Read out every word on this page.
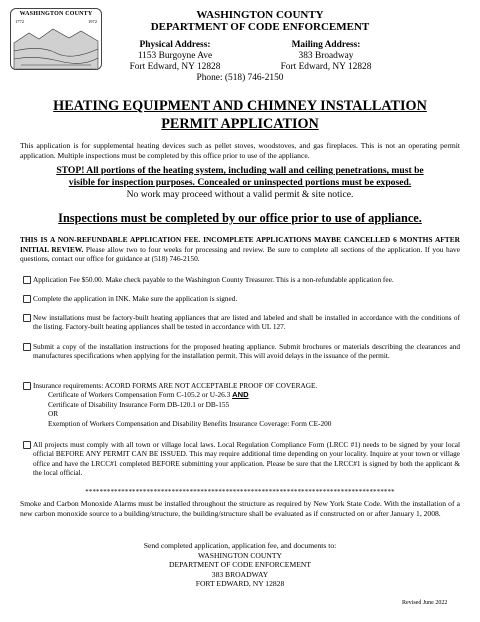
WASHINGTON COUNTY
1772	1972
WASHINGTON COUNTY
DEPARTMENT OF CODE ENFORCEMENT
Physical Address:
1153 Burgoyne Ave
Fort Edward, NY 12828
Mailing Address:
383 Broadway
Fort Edward, NY 12828
Phone: (518) 746-2150
HEATING EQUIPMENT AND CHIMNEY INSTALLATION
PERMIT APPLICATION
This application is for supplemental heating devices such as pellet stoves, woodstoves, and gas fireplaces. This is not an operating permit application. Multiple inspections must be completed by this office prior to use of the appliance.
STOP! All portions of the heating system, including wall and ceiling penetrations, must be
visible for inspection purposes. Concealed or uninspected portions must be exposed.
No work may proceed without a valid permit & site notice.
Inspections must be completed by our office prior to use of appliance.
THIS IS A NON-REFUNDABLE APPLICATION FEE. INCOMPLETE APPLICATIONS MAYBE CANCELLED 6 MONTHS AFTER INITIAL REVIEW. Please allow two to four weeks for processing and review. Be sure to complete all sections of the application. If you have questions, contact our office for guidance at (518) 746-2150.
Application Fee $50.00. Make check payable to the Washington County Treasurer. This is a non-refundable application fee.
Complete the application in INK. Make sure the application is signed.
New installations must be factory-built heating appliances that are listed and labeled and shall be installed in accordance with the conditions of the listing. Factory-built heating appliances shall be tested in accordance with UL 127.
Submit a copy of the installation instructions for the proposed heating appliance. Submit brochures or materials describing the clearances and manufactures specifications when applying for the installation permit. This will avoid delays in the issuance of the permit.
Insurance requirements: ACORD FORMS ARE NOT ACCEPTABLE PROOF OF COVERAGE.
Certificate of Workers Compensation Form C-105.2 or U-26.3 AND
Certificate of Disability Insurance Form DB-120.1 or DB-155
OR
Exemption of Workers Compensation and Disability Benefits Insurance Coverage: Form CE-200
All projects must comply with all town or village local laws. Local Regulation Compliance Form (LRCC #1) needs to be signed by your local official BEFORE ANY PERMIT CAN BE ISSUED. This may require additional time depending on your locality. Inquire at your town or village office and have the LRCC#1 completed BEFORE submitting your application. Please be sure that the LRCC#1 is signed by both the applicant & the local official.
**************************************************************************************
Smoke and Carbon Monoxide Alarms must be installed throughout the structure as required by New York State Code. With the installation of a new carbon monoxide source to a building/structure, the building/structure shall be evaluated as if constructed on or after January 1, 2008.
Send completed application, application fee, and documents to:
WASHINGTON COUNTY
DEPARTMENT OF CODE ENFORCEMENT
383 BROADWAY
FORT EDWARD, NY 12828
Revised June 2022
